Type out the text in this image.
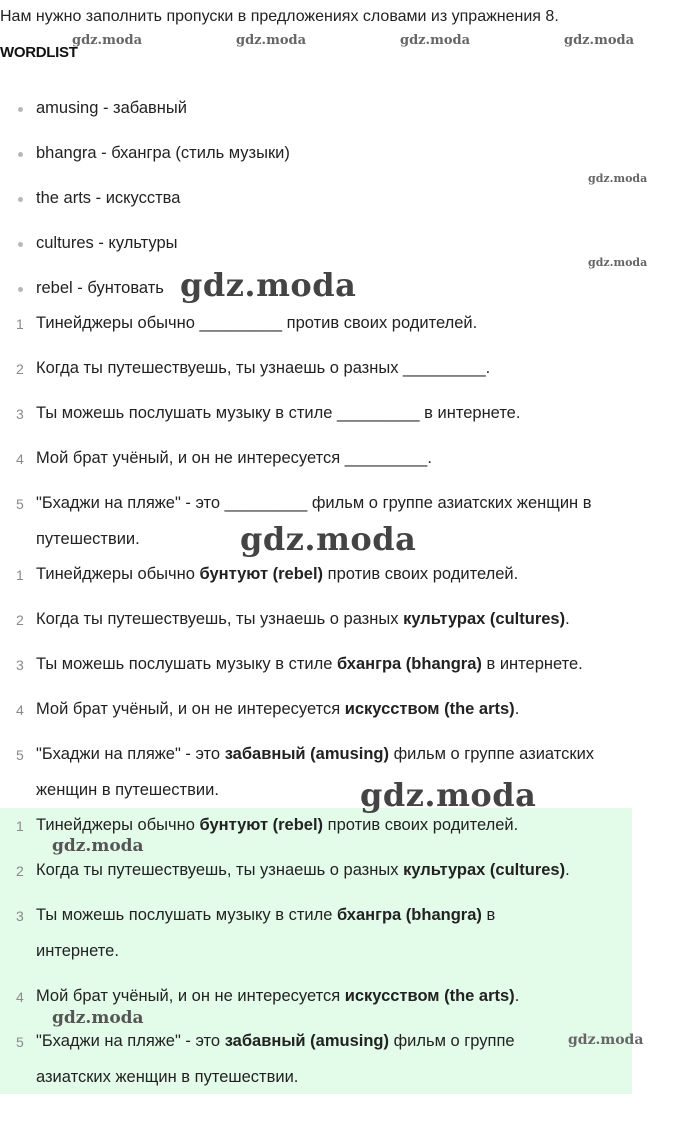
Нам нужно заполнить пропуски в предложениях словами из упражнения 8.
WORDLIST
amusing - забавный
bhangra - бхангра (стиль музыки)
the arts - искусства
cultures - культуры
rebel - бунтовать
1 Тинейджеры обычно _________ против своих родителей.
2 Когда ты путешествуешь, ты узнаешь о разных _________.
3 Ты можешь послушать музыку в стиле _________ в интернете.
4 Мой брат учёный, и он не интересуется _________.
5 "Бхаджи на пляже" - это _________ фильм о группе азиатских женщин в
путешествии.
1 Тинейджеры обычно бунтуют (rebel) против своих родителей.
2 Когда ты путешествуешь, ты узнаешь о разных культурах (cultures).
3 Ты можешь послушать музыку в стиле бхангра (bhangra) в интернете.
4 Мой брат учёный, и он не интересуется искусством (the arts).
5 "Бхаджи на пляже" - это забавный (amusing) фильм о группе азиатских
женщин в путешествии.
1 Тинейджеры обычно бунтуют (rebel) против своих родителей.
2 Когда ты путешествуешь, ты узнаешь о разных культурах (cultures).
3 Ты можешь послушать музыку в стиле бхангра (bhangra) в
интернете.
4 Мой брат учёный, и он не интересуется искусством (the arts).
5 "Бхаджи на пляже" - это забавный (amusing) фильм о группе
азиатских женщин в путешествии.
gdz.moda	gdz.moda	gdz.moda	gdz.moda
gdz.moda
gdz.moda
gdz.moda
gdz.moda
gdz.moda
gdz.moda
gdz.moda
gdz.moda
